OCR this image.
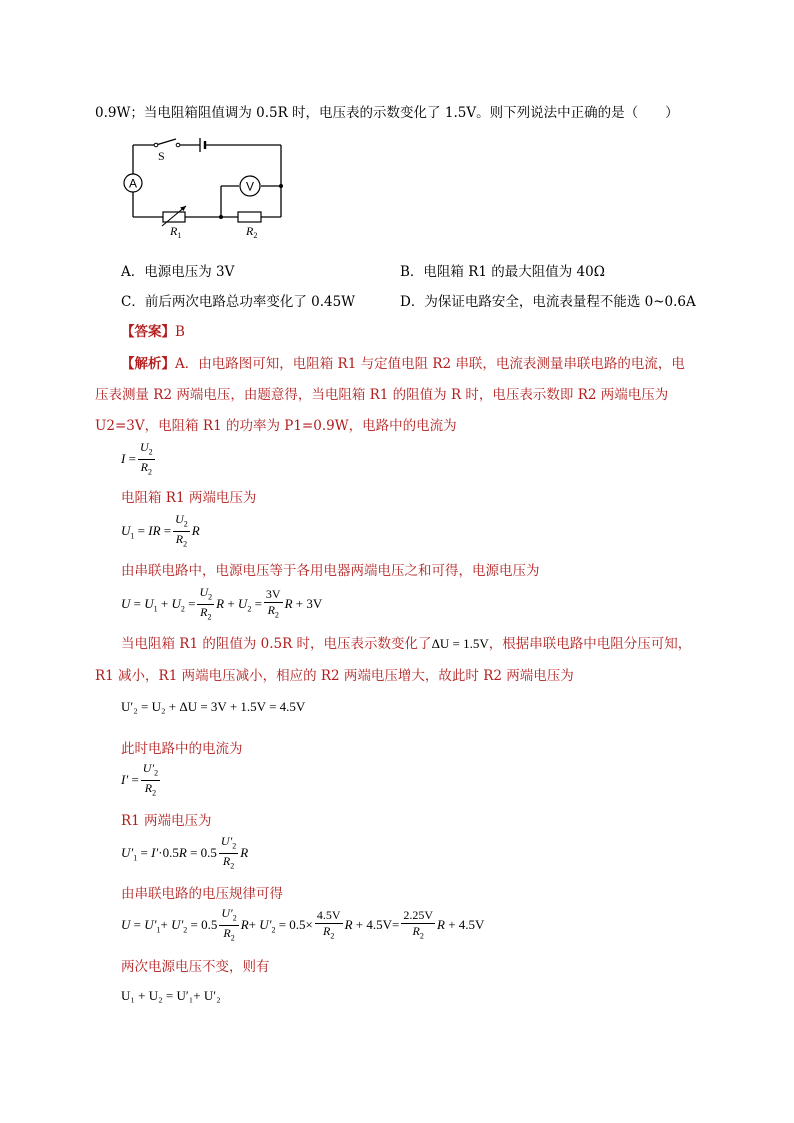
0.9W；当电阻箱阻值调为 0.5R 时，电压表的示数变化了 1.5V。则下列说法中正确的是（　　）
A	V
S
$R_1$	$R_2$
A．电源电压为 3V	B．电阻箱 R1 的最大阻值为 40Ω
C．前后两次电路总功率变化了 0.45W	D．为保证电路安全，电流表量程不能选 0~0.6A
【答案】B
【解析】A．由电路图可知，电阻箱 R1 与定值电阻 R2 串联，电流表测量串联电路的电流，电
压表测量 R2 两端电压，由题意得，当电阻箱 R1 的阻值为 R 时，电压表示数即 R2 两端电压为
U2=3V，电阻箱 R1 的功率为 P1=0.9W，电路中的电流为
$I = \frac{U_2}{R_2}$
电阻箱 R1 两端电压为
$U_1$ = IR = $\frac{U_2}{R_2}$ R
由串联电路中，电源电压等于各用电器两端电压之和可得，电源电压为
$U = U_1 + U_2 = \frac{U_2}{R_2}$ $R + U_2 = \frac{3V}{R_2}$ R + 3V
当电阻箱 R1 的阻值为 0.5R 时，电压表示数变化了ΔU = 1.5V，根据串联电路中电阻分压可知，
R1 减小，R1 两端电压减小，相应的 R2 两端电压增大，故此时 R2 两端电压为
U′₂ = U₂ + ΔU = 3V + 1.5V = 4.5V
此时电路中的电流为
$I' = \frac{U'_2}{R_2}$
R1 两端电压为
$U'_1 = I'\cdot 0.5R = 0.5 \frac{U'_2}{R_2}$ R
由串联电路的电压规律可得
$U = U'_1+ U'_2 = 0.5 \frac{U'_2}{R_2} R+ U'_2 = 0.5\times \frac{4.5V}{R_2}$ $R + 4.5V= \frac{2.25V}{R_2}$ R + 4.5V
两次电源电压不变，则有
U₁ + U₂ = U′₁+ U′₂
